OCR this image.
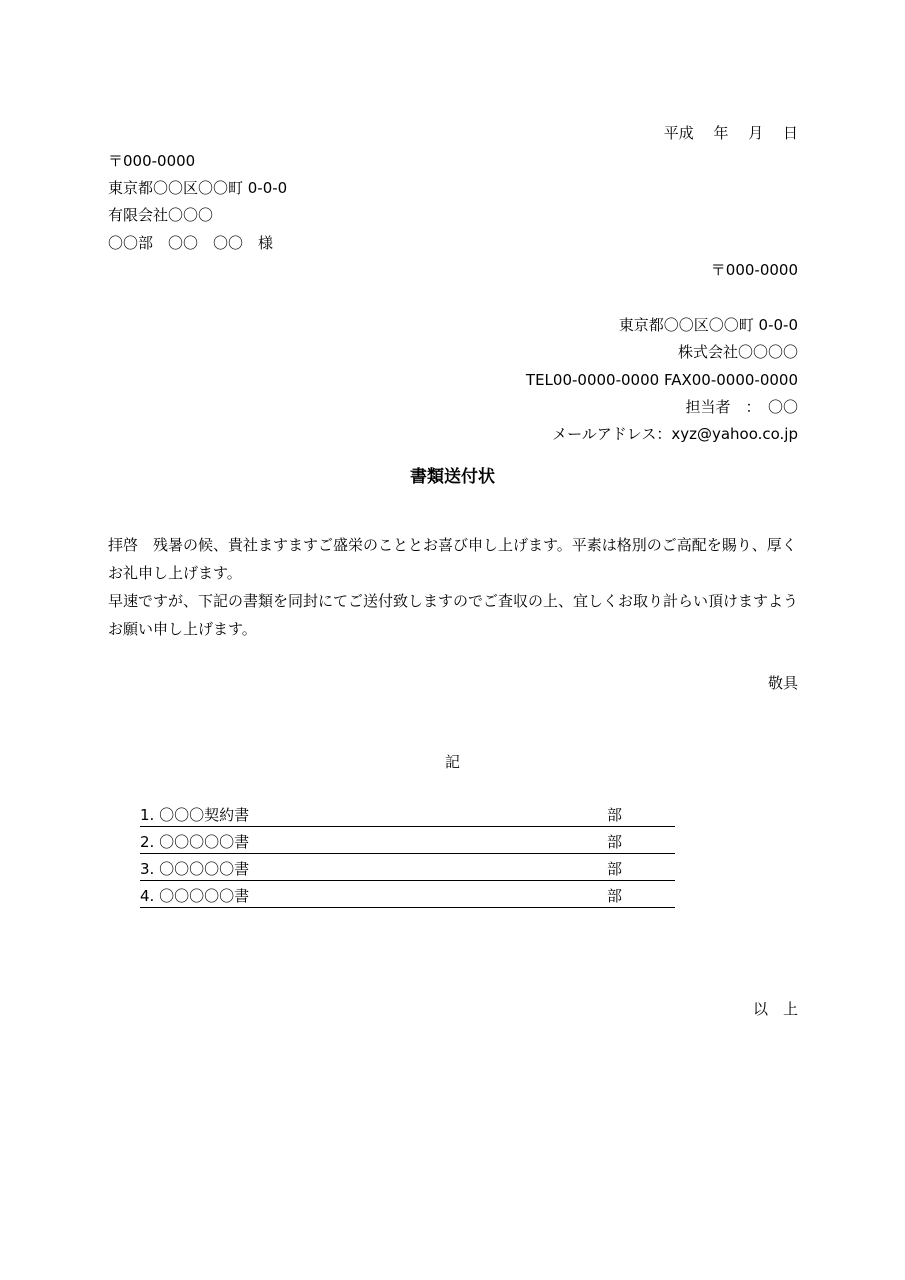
平成　 年　 月　 日
〒000-0000
東京都〇〇区〇〇町 0-0-0
有限会社〇〇〇
〇〇部　〇〇　〇〇　様
〒000-0000
東京都〇〇区〇〇町 0-0-0
株式会社〇〇〇〇
TEL00-0000-0000 FAX00-0000-0000
担当者　：　〇〇
メールアドレス：xyz@yahoo.co.jp
書類送付状

拝啓　残暑の候、貴社ますますご盛栄のこととお喜び申し上げます。平素は格別のご高配を賜り、厚くお礼申し上げます。

早速ですが、下記の書類を同封にてご送付致しますのでご査収の上、宜しくお取り計らい頂けますようお願い申し上げます。

敬具
記
1. 〇〇〇契約書	部
2. 〇〇〇〇〇書	部
3. 〇〇〇〇〇書	部
4. 〇〇〇〇〇書	部
以　上
